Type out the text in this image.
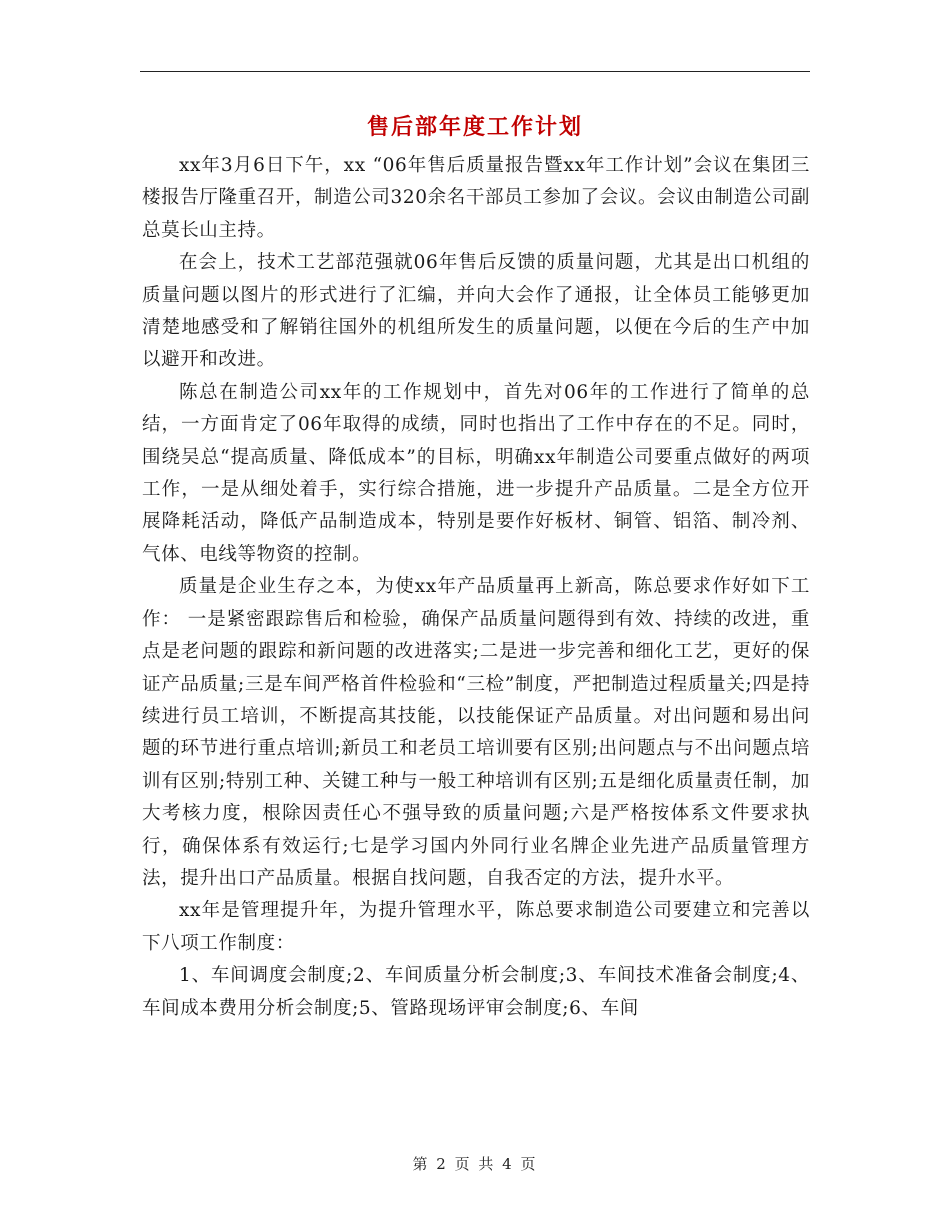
售后部年度工作计划

xx年3月6日下午，xx “06年售后质量报告暨xx年工作计划”会议在集团三楼报告厅隆重召开，制造公司320余名干部员工参加了会议。会议由制造公司副总莫长山主持。

在会上，技术工艺部范强就06年售后反馈的质量问题，尤其是出口机组的质量问题以图片的形式进行了汇编，并向大会作了通报，让全体员工能够更加清楚地感受和了解销往国外的机组所发生的质量问题，以便在今后的生产中加以避开和改进。

陈总在制造公司xx年的工作规划中，首先对06年的工作进行了简单的总结，一方面肯定了06年取得的成绩，同时也指出了工作中存在的不足。同时，围绕吴总“提高质量、降低成本”的目标，明确xx年制造公司要重点做好的两项工作，一是从细处着手，实行综合措施，进一步提升产品质量。二是全方位开展降耗活动，降低产品制造成本，特别是要作好板材、铜管、铝箔、制冷剂、气体、电线等物资的控制。

质量是企业生存之本，为使xx年产品质量再上新高，陈总要求作好如下工作： 一是紧密跟踪售后和检验，确保产品质量问题得到有效、持续的改进，重点是老问题的跟踪和新问题的改进落实;二是进一步完善和细化工艺，更好的保证产品质量;三是车间严格首件检验和“三检”制度，严把制造过程质量关;四是持续进行员工培训，不断提高其技能，以技能保证产品质量。对出问题和易出问题的环节进行重点培训;新员工和老员工培训要有区别;出问题点与不出问题点培训有区别;特别工种、关键工种与一般工种培训有区别;五是细化质量责任制，加大考核力度，根除因责任心不强导致的质量问题;六是严格按体系文件要求执行，确保体系有效运行;七是学习国内外同行业名牌企业先进产品质量管理方法，提升出口产品质量。根据自找问题，自我否定的方法，提升水平。

xx年是管理提升年，为提升管理水平，陈总要求制造公司要建立和完善以下八项工作制度：

1、车间调度会制度;2、车间质量分析会制度;3、车间技术准备会制度;4、车间成本费用分析会制度;5、管路现场评审会制度;6、车间

第 2 页 共 4 页
